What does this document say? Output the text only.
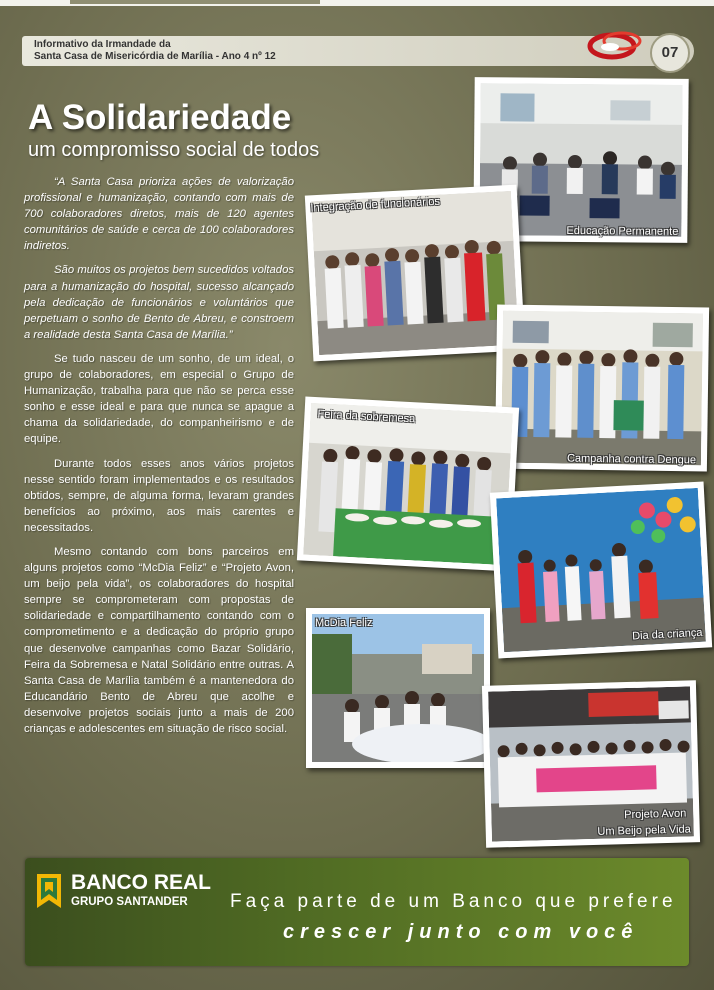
Informativo da Irmandade da
Santa Casa de Misericórdia de Marília - Ano 4 nº 12	07
A Solidariedade
um compromisso social de todos

“A Santa Casa prioriza ações de valorização profissional e humanização, contando com mais de 700 colaboradores diretos, mais de 120 agentes comunitários de saúde e cerca de 100 colaboradores indiretos.

São muitos os projetos bem sucedidos voltados para a humanização do hospital, sucesso alcançado pela dedicação de funcionários e voluntários que perpetuam o sonho de Bento de Abreu, e constroem a realidade desta Santa Casa de Marília.”

Se tudo nasceu de um sonho, de um ideal, o grupo de colaboradores, em especial o Grupo de Humanização, trabalha para que não se perca esse sonho e esse ideal e para que nunca se apague a chama da solidariedade, do companheirismo e de equipe.

Durante todos esses anos vários projetos nesse sentido foram implementados e os resultados obtidos, sempre, de alguma forma, levaram grandes benefícios ao próximo, aos mais carentes e necessitados.

Mesmo contando com bons parceiros em alguns projetos como “McDia Feliz” e “Projeto Avon, um beijo pela vida”, os colaboradores do hospital sempre se comprometeram com propostas de solidariedade e compartilhamento contando com o comprometimento e a dedicação do próprio grupo que desenvolve campanhas como Bazar Solidário, Feira da Sobremesa e Natal Solidário entre outras. A Santa Casa de Marília também é a mantenedora do Educandário Bento de Abreu que acolhe e desenvolve projetos sociais junto a mais de 200 crianças e adolescentes em situação de risco social.

Educação Permanente
Integração de funcionários
Campanha contra Dengue
Feira da sobremesa
Dia da criança
McDia Feliz
Projeto Avon
Um Beijo pela Vida
BANCO REAL
GRUPO SANTANDER Faça parte de um Banco que prefere
crescer junto com você
